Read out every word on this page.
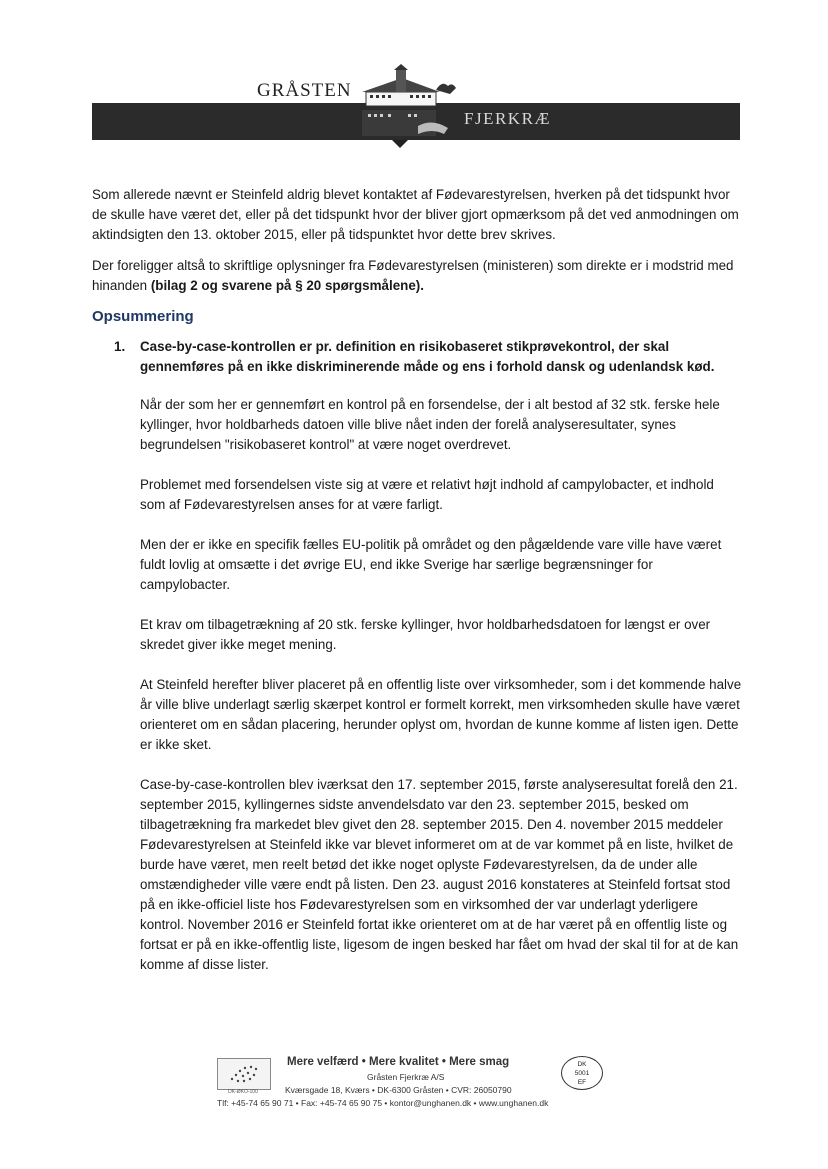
GRÅSTEN
FJERKRÆ

Som allerede nævnt er Steinfeld aldrig blevet kontaktet af Fødevarestyrelsen, hverken på det tidspunkt hvor de skulle have været det, eller på det tidspunkt hvor der bliver gjort opmærksom på det ved anmodningen om aktindsigten den 13. oktober 2015, eller på tidspunktet hvor dette brev skrives.

Der foreligger altså to skriftlige oplysninger fra Fødevarestyrelsen (ministeren) som direkte er i modstrid med hinanden (bilag 2 og svarene på § 20 spørgsmålene).

Opsummering
1.	Case-by-case-kontrollen er pr. definition en risikobaseret stikprøvekontrol, der skal gennemføres på en ikke diskriminerende måde og ens i forhold dansk og udenlandsk kød.

Når der som her er gennemført en kontrol på en forsendelse, der i alt bestod af 32 stk. ferske hele kyllinger, hvor holdbarheds datoen ville blive nået inden der forelå analyseresultater, synes begrundelsen "risikobaseret kontrol" at være noget overdrevet.

Problemet med forsendelsen viste sig at være et relativt højt indhold af campylobacter, et indhold som af Fødevarestyrelsen anses for at være farligt.

Men der er ikke en specifik fælles EU-politik på området og den pågældende vare ville have været fuldt lovlig at omsætte i det øvrige EU, end ikke Sverige har særlige begrænsninger for campylobacter.

Et krav om tilbagetrækning af 20 stk. ferske kyllinger, hvor holdbarhedsdatoen for længst er over skredet giver ikke meget mening.

At Steinfeld herefter bliver placeret på en offentlig liste over virksomheder, som i det kommende halve år ville blive underlagt særlig skærpet kontrol er formelt korrekt, men virksomheden skulle have været orienteret om en sådan placering, herunder oplyst om, hvordan de kunne komme af listen igen. Dette er ikke sket.

Case-by-case-kontrollen blev iværksat den 17. september 2015, første analyseresultat forelå den 21. september 2015, kyllingernes sidste anvendelsdato var den 23. september 2015, besked om tilbagetrækning fra markedet blev givet den 28. september 2015. Den 4. november 2015 meddeler Fødevarestyrelsen at Steinfeld ikke var blevet informeret om at de var kommet på en liste, hvilket de burde have været, men reelt betød det ikke noget oplyste Fødevarestyrelsen, da de under alle omstændigheder ville være endt på listen. Den 23. august 2016 konstateres at Steinfeld fortsat stod på en ikke-officiel liste hos Fødevarestyrelsen som en virksomhed der var underlagt yderligere kontrol. November 2016 er Steinfeld fortat ikke orienteret om at de har været på en offentlig liste og fortsat er på en ikke-offentlig liste, ligesom de ingen besked har fået om hvad der skal til for at de kan komme af disse lister.

DK-ØKO-100
Mere velfærd • Mere kvalitet • Mere smag
Gråsten Fjerkræ A/S
Kværsgade 18, Kværs • DK-6300 Gråsten • CVR: 26050790
Tlf: +45-74 65 90 71 • Fax: +45-74 65 90 75 • kontor@unghanen.dk • www.unghanen.dk
DK
5001
EF
